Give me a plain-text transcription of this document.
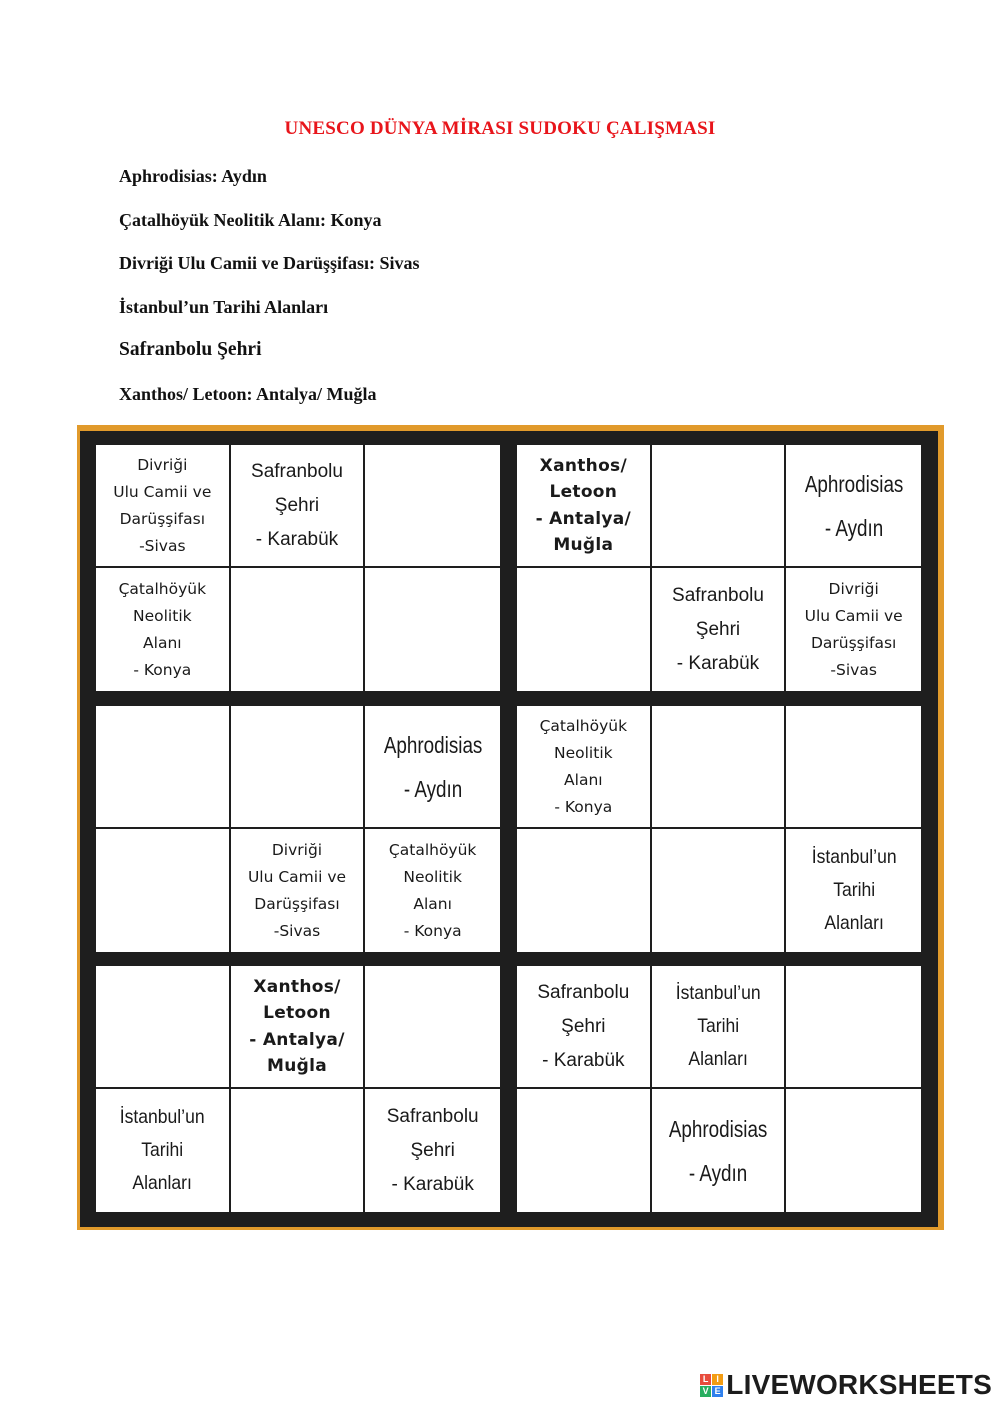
UNESCO DÜNYA MİRASI SUDOKU ÇALIŞMASI
Aphrodisias: Aydın
Çatalhöyük Neolitik Alanı: Konya
Divriği Ulu Camii ve Darüşşifası: Sivas
İstanbul’un Tarihi Alanları
Safranbolu Şehri
Xanthos/ Letoon: Antalya/ Muğla
Divriği
Ulu Camii ve
Darüşşifası
-Sivas
Safranbolu
Şehri
- Karabük
Çatalhöyük
Neolitik
Alanı
- Konya
Xanthos/
Letoon
- Antalya/
Muğla
Aphrodisias
- Aydın
Safranbolu
Şehri
- Karabük
Divriği
Ulu Camii ve
Darüşşifası
-Sivas
Aphrodisias
- Aydın
Divriği
Ulu Camii ve
Darüşşifası
-Sivas
Çatalhöyük
Neolitik
Alanı
- Konya
Çatalhöyük
Neolitik
Alanı
- Konya
İstanbul’un
Tarihi
Alanları
Xanthos/
Letoon
- Antalya/
Muğla
İstanbul’un
Tarihi
Alanları
Safranbolu
Şehri
- Karabük
Safranbolu
Şehri
- Karabük
İstanbul’un
Tarihi
Alanları
Aphrodisias
- Aydın
L I
V E LIVEWORKSHEETS
